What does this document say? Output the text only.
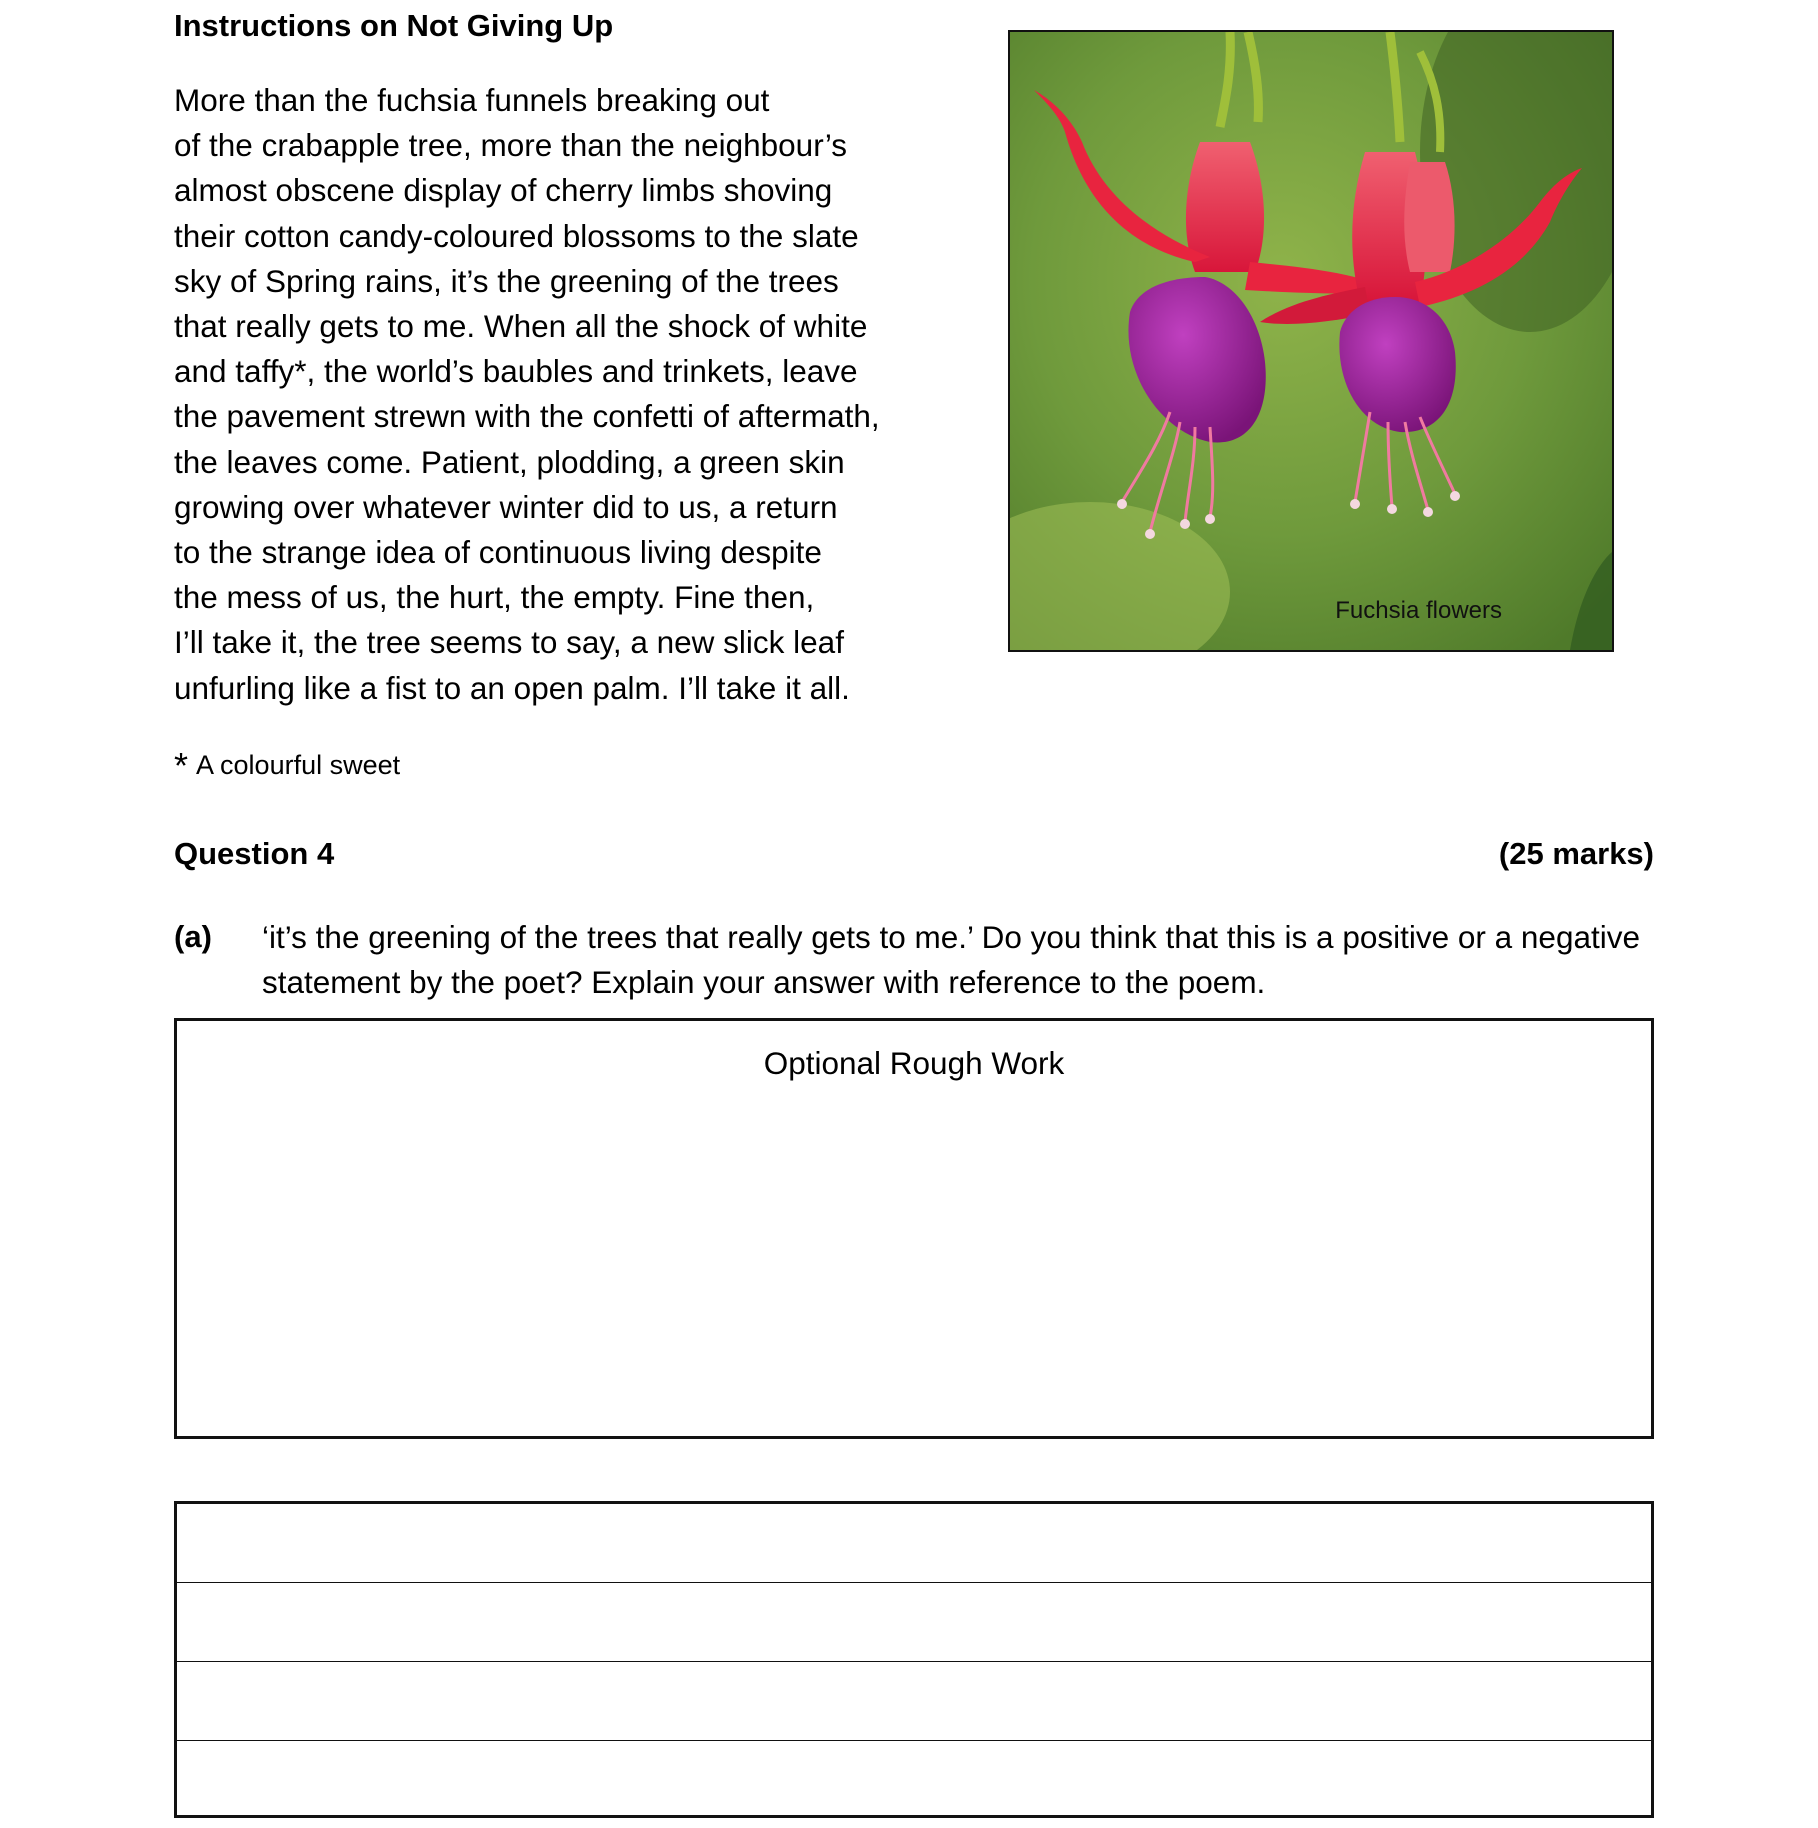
Instructions on Not Giving Up
More than the fuchsia funnels breaking out
of the crabapple tree, more than the neighbour’s
almost obscene display of cherry limbs shoving
their cotton candy-coloured blossoms to the slate
sky of Spring rains, it’s the greening of the trees
that really gets to me. When all the shock of white
and taffy*, the world’s baubles and trinkets, leave
the pavement strewn with the confetti of aftermath,
the leaves come. Patient, plodding, a green skin
growing over whatever winter did to us, a return
to the strange idea of continuous living despite
the mess of us, the hurt, the empty. Fine then,
I’ll take it, the tree seems to say, a new slick leaf
unfurling like a fist to an open palm. I’ll take it all.
Fuchsia flowers
* A colourful sweet
Question 4	(25 marks)
(a) ‘it’s the greening of the trees that really gets to me.’ Do you think that this is a positive or a negative statement by the poet? Explain your answer with reference to the poem.
Optional Rough Work
